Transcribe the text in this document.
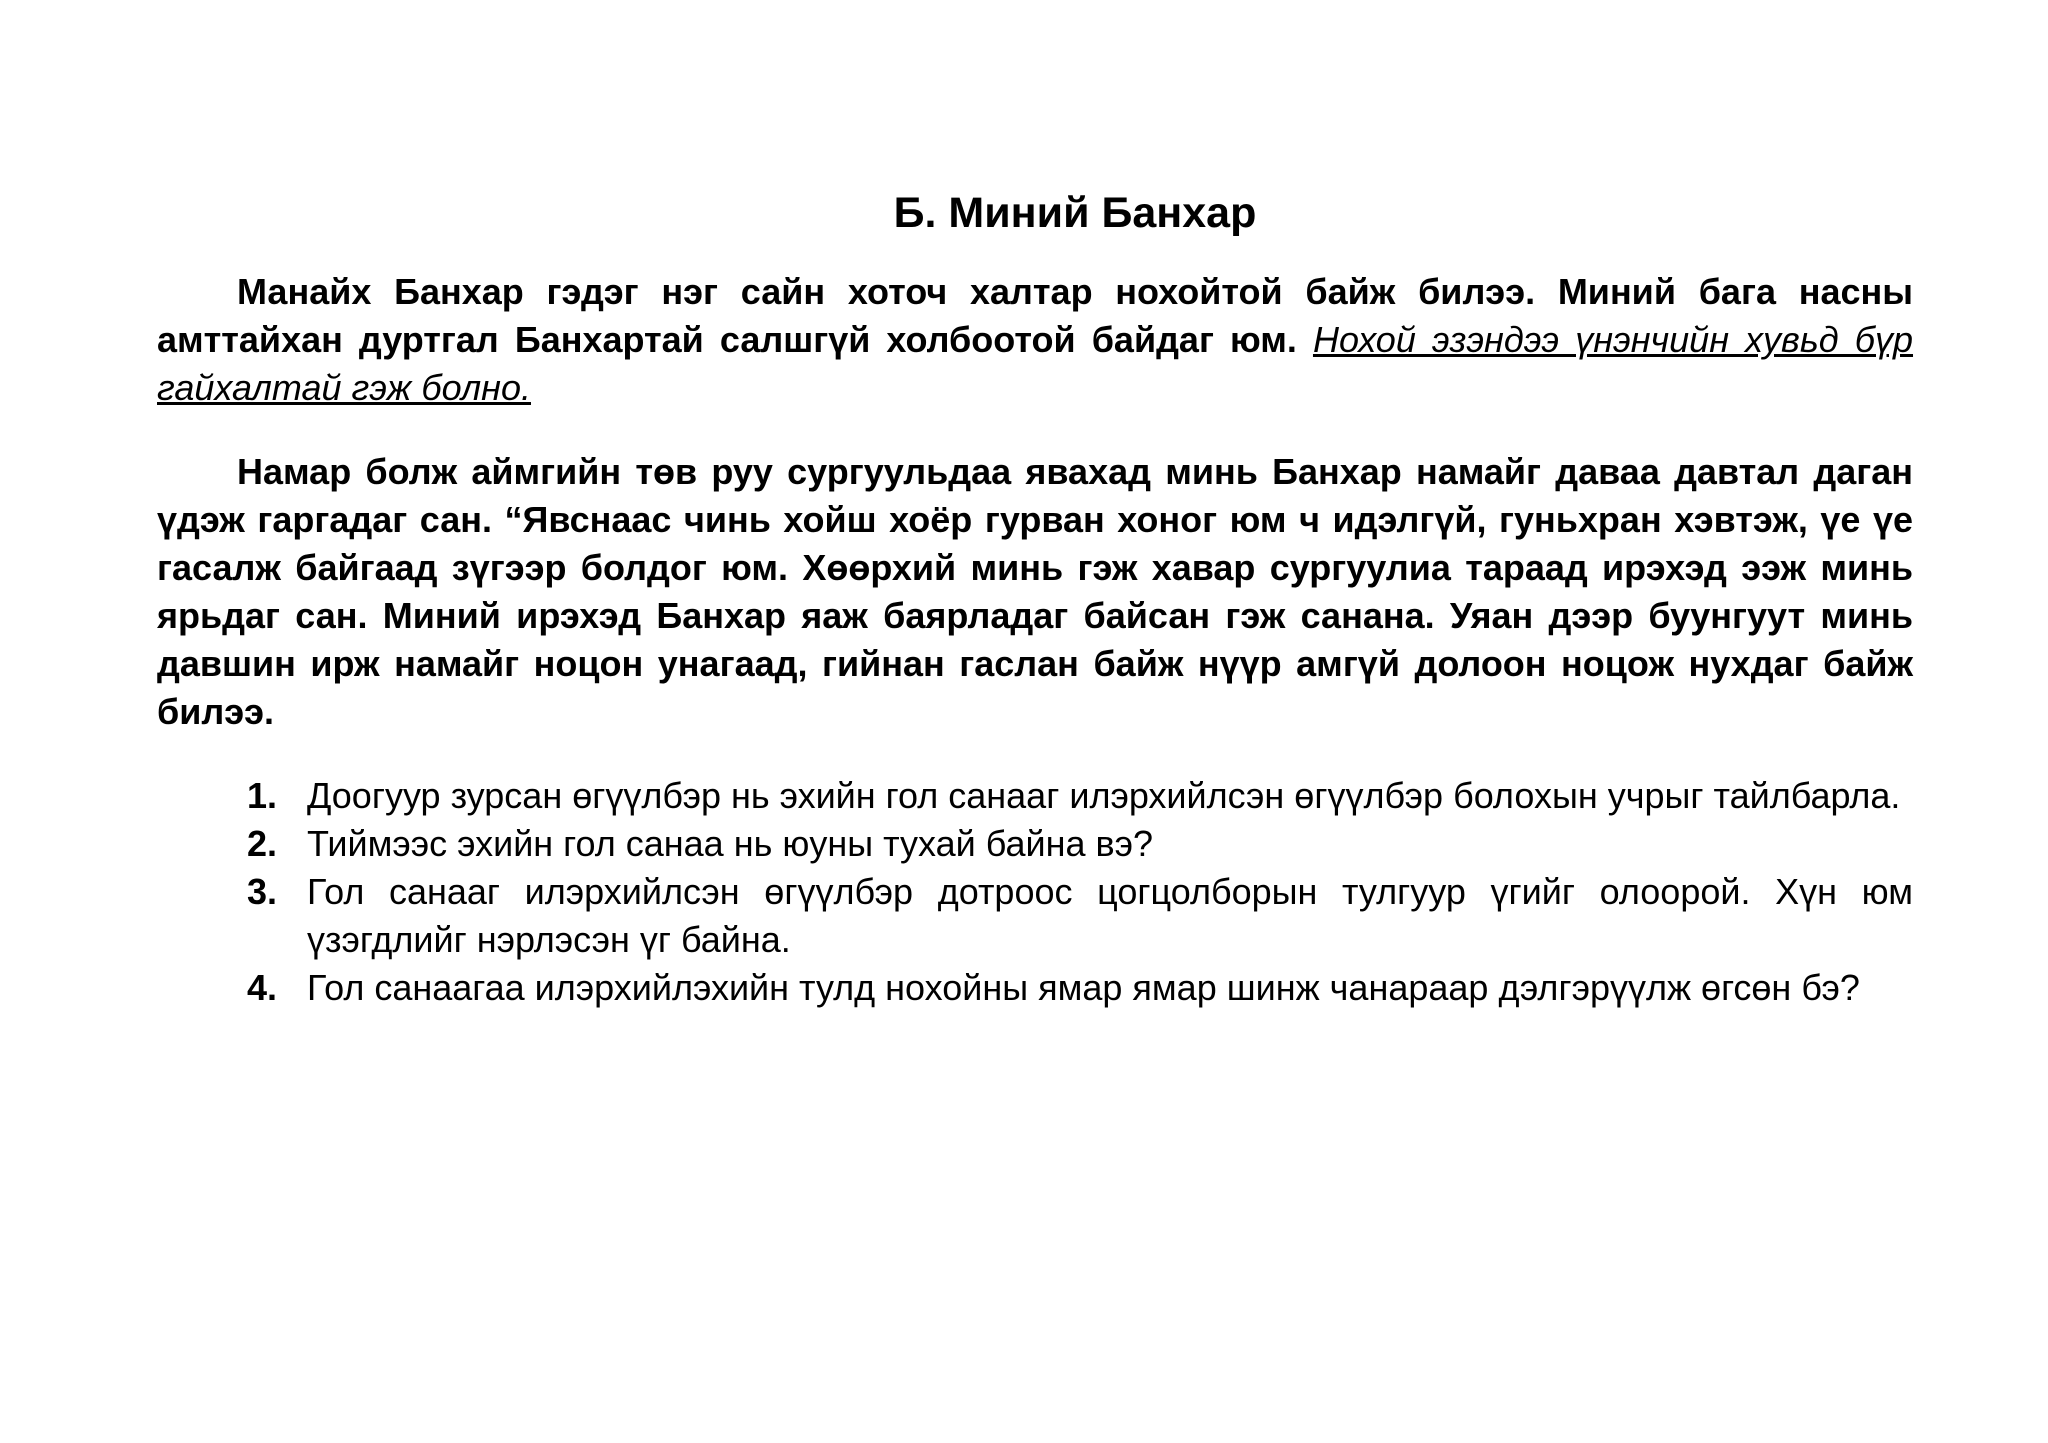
Б. Миний Банхар

Манайх Банхар гэдэг нэг сайн хоточ халтар нохойтой байж билээ. Миний бага насны амттайхан дуртгал Банхартай салшгүй холбоотой байдаг юм. Нохой эзэндээ үнэнчийн хувьд бүр гайхалтай гэж болно.

Намар болж аймгийн төв руу сургуульдаа явахад минь Банхар намайг даваа давтал даган үдэж гаргадаг сан. “Явснаас чинь хойш хоёр гурван хоног юм ч идэлгүй, гуньхран хэвтэж, үе үе гасалж байгаад зүгээр болдог юм. Хөөрхий минь гэж хавар сургуулиа тараад ирэхэд ээж минь ярьдаг сан. Миний ирэхэд Банхар яаж баярладаг байсан гэж санана. Уяан дээр буунгуут минь давшин ирж намайг ноцон унагаад, гийнан гаслан байж нүүр амгүй долоон ноцож нухдаг байж билээ.

1. Доогуур зурсан өгүүлбэр нь эхийн гол санааг илэрхийлсэн өгүүлбэр болохын учрыг тайлбарла.
2. Тиймээс эхийн гол санаа нь юуны тухай байна вэ?
3. Гол санааг илэрхийлсэн өгүүлбэр дотроос цогцолборын тулгуур үгийг олоорой. Хүн юм үзэгдлийг нэрлэсэн үг байна.
4. Гол санаагаа илэрхийлэхийн тулд нохойны ямар ямар шинж чанараар дэлгэрүүлж өгсөн бэ?
